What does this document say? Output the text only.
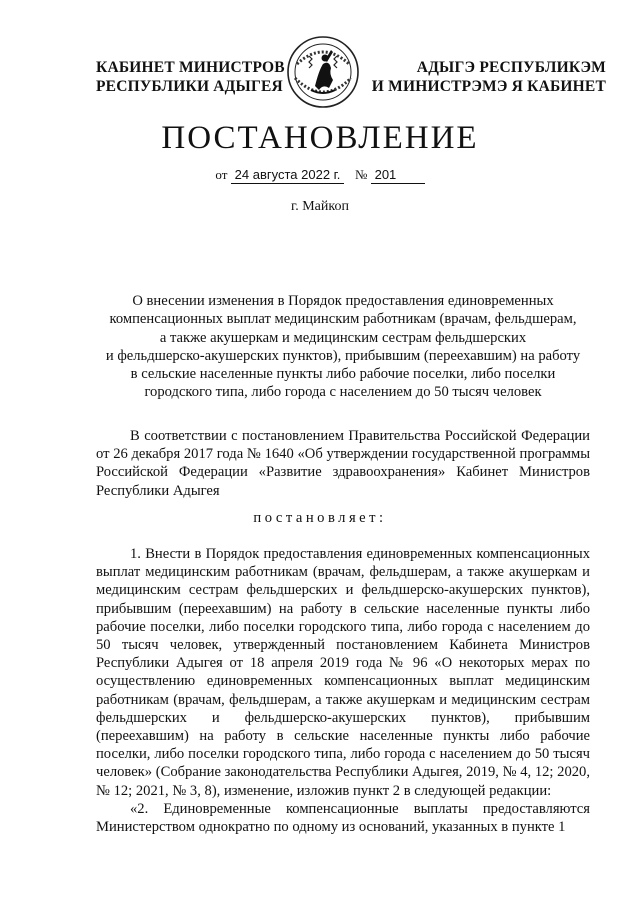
КАБИНЕТ МИНИСТРОВ
РЕСПУБЛИКИ АДЫГЕЯ
АДЫГЭ РЕСПУБЛИКЭМ
И МИНИСТРЭМЭ Я КАБИНЕТ
ПОСТАНОВЛЕНИЕ
от 24 августа 2022 г. № 201
г. Майкоп
О внесении изменения в Порядок предоставления единовременных
компенсационных выплат медицинским работникам (врачам, фельдшерам,
а также акушеркам и медицинским сестрам фельдшерских
и фельдшерско-акушерских пунктов), прибывшим (переехавшим) на работу
в сельские населенные пункты либо рабочие поселки, либо поселки
городского типа, либо города с населением до 50 тысяч человек

В соответствии с постановлением Правительства Российской Федерации от 26 декабря 2017 года № 1640 «Об утверждении государственной программы Российской Федерации «Развитие здравоохранения» Кабинет Министров Республики Адыгея

постановляет:

1. Внести в Порядок предоставления единовременных компенсационных выплат медицинским работникам (врачам, фельдшерам, а также акушеркам и медицинским сестрам фельдшерских и фельдшерско-акушерских пунктов), прибывшим (переехавшим) на работу в сельские населенные пункты либо рабочие поселки, либо поселки городского типа, либо города с населением до 50 тысяч человек, утвержденный постановлением Кабинета Министров Республики Адыгея от 18 апреля 2019 года № 96 «О некоторых мерах по осуществлению единовременных компенсационных выплат медицинским работникам (врачам, фельдшерам, а также акушеркам и медицинским сестрам фельдшерских и фельдшерско-акушерских пунктов), прибывшим (переехавшим) на работу в сельские населенные пункты либо рабочие поселки, либо поселки городского типа, либо города с населением до 50 тысяч человек» (Собрание законодательства Республики Адыгея, 2019, № 4, 12; 2020, № 12; 2021, № 3, 8), изменение, изложив пункт 2 в следующей редакции:

«2. Единовременные компенсационные выплаты предоставляются Министерством однократно по одному из оснований, указанных в пункте 1
